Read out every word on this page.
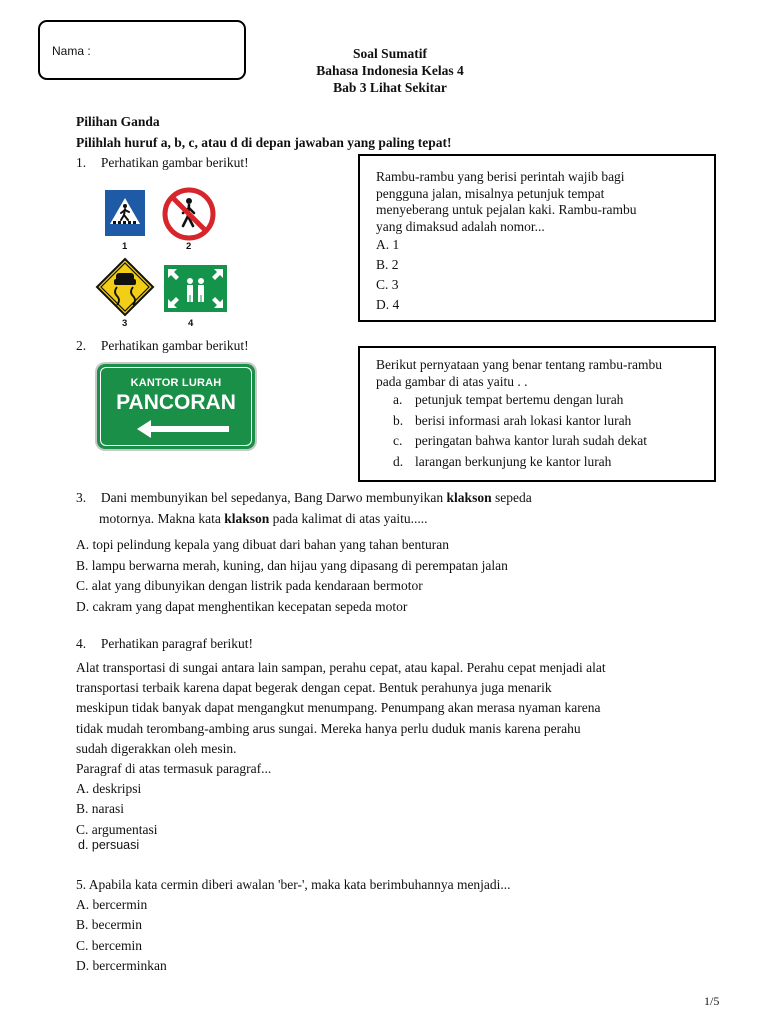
Nama :	Soal Sumatif
Bahasa Indonesia Kelas 4
Bab 3 Lihat Sekitar
Pilihan Ganda
Pilihlah huruf a, b, c, atau d di depan jawaban yang paling tepat!
1. Perhatikan gambar berikut!
1	2
3	4
Rambu-rambu yang berisi perintah wajib bagi
pengguna jalan, misalnya petunjuk tempat
menyeberang untuk pejalan kaki. Rambu-rambu
yang dimaksud adalah nomor...
A. 1
B. 2
C. 3
D. 4
2. Perhatikan gambar berikut!
KANTOR LURAH
PANCORAN
Berikut pernyataan yang benar tentang rambu-rambu
pada gambar di atas yaitu . .
a. petunjuk tempat bertemu dengan lurah
b. berisi informasi arah lokasi kantor lurah
c. peringatan bahwa kantor lurah sudah dekat
d. larangan berkunjung ke kantor lurah
3. Dani membunyikan bel sepedanya, Bang Darwo membunyikan klakson sepeda
motornya. Makna kata klakson pada kalimat di atas yaitu.....
A. topi pelindung kepala yang dibuat dari bahan yang tahan benturan
B. lampu berwarna merah, kuning, dan hijau yang dipasang di perempatan jalan
C. alat yang dibunyikan dengan listrik pada kendaraan bermotor
D. cakram yang dapat menghentikan kecepatan sepeda motor
4. Perhatikan paragraf berikut!
Alat transportasi di sungai antara lain sampan, perahu cepat, atau kapal. Perahu cepat menjadi alat
transportasi terbaik karena dapat begerak dengan cepat. Bentuk perahunya juga menarik
meskipun tidak banyak dapat mengangkut menumpang. Penumpang akan merasa nyaman karena
tidak mudah terombang-ambing arus sungai. Mereka hanya perlu duduk manis karena perahu
sudah digerakkan oleh mesin.
Paragraf di atas termasuk paragraf...
A. deskripsi
B. narasi
C. argumentasi
d. persuasi
5. Apabila kata cermin diberi awalan 'ber-', maka kata berimbuhannya menjadi...
A. bercermin
B. becermin
C. bercemin
D. bercerminkan
1/5
